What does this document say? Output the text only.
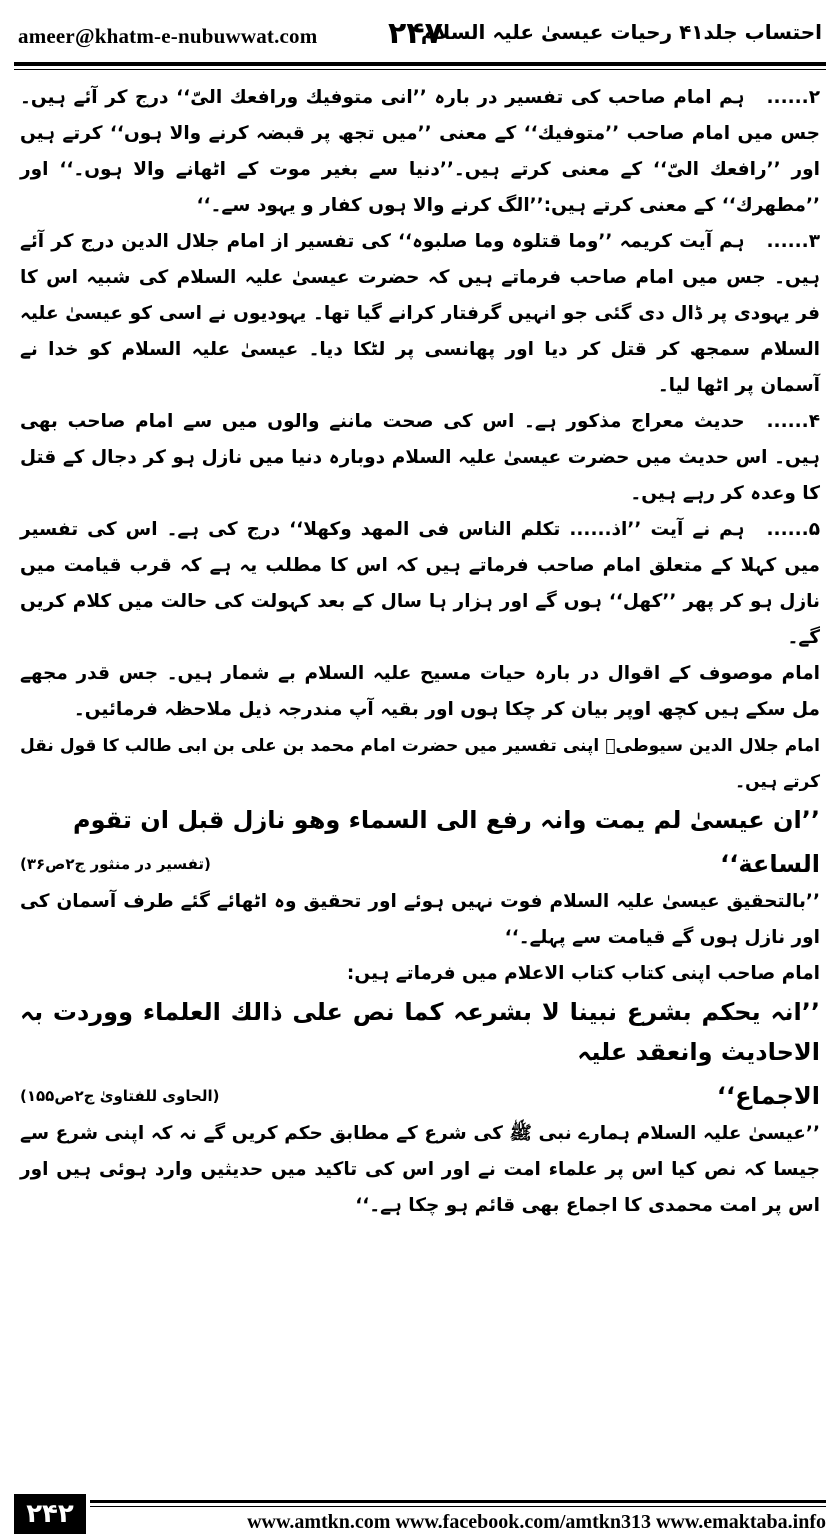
ameer@khatm-e-nubuwwat.com ۲۴۷
احتساب جلد۴۱ رحیات عیسیٰ علیہ السلام

۲......ہم امام صاحب کی تفسیر در بارہ ’’انی متوفیك ورافعك الیّ‘‘ درج کر آئے ہیں۔ جس میں امام صاحب ’’متوفیك‘‘ کے معنی ’’میں تجھ پر قبضہ کرنے والا ہوں‘‘ کرتے ہیں اور ’’رافعك الیّ‘‘ کے معنی کرتے ہیں۔’’دنیا سے بغیر موت کے اٹھانے والا ہوں۔‘‘ اور ’’مطھرك‘‘ کے معنی کرتے ہیں:’’الگ کرنے والا ہوں کفار و یہود سے۔‘‘

۳......ہم آیت کریمہ ’’وما قتلوہ وما صلبوہ‘‘ کی تفسیر از امام جلال الدین درج کر آئے ہیں۔ جس میں امام صاحب فرماتے ہیں کہ حضرت عیسیٰ علیہ السلام کی شبیہ اس کا فر یہودی پر ڈال دی گئی جو انہیں گرفتار کرانے گیا تھا۔ یہودیوں نے اسی کو عیسیٰ علیہ السلام سمجھ کر قتل کر دیا اور پھانسی پر لٹکا دیا۔ عیسیٰ علیہ السلام کو خدا نے آسمان پر اٹھا لیا۔

۴......حدیث معراج مذکور ہے۔ اس کی صحت ماننے والوں میں سے امام صاحب بھی ہیں۔ اس حدیث میں حضرت عیسیٰ علیہ السلام دوبارہ دنیا میں نازل ہو کر دجال کے قتل کا وعدہ کر رہے ہیں۔

۵......ہم نے آیت ’’اذ...... تکلم الناس فی المھد وکھلا‘‘ درج کی ہے۔ اس کی تفسیر میں کہلا کے متعلق امام صاحب فرماتے ہیں کہ اس کا مطلب یہ ہے کہ قرب قیامت میں نازل ہو کر پھر ’’کھل‘‘ ہوں گے اور ہزار ہا سال کے بعد کہولت کی حالت میں کلام کریں گے۔

امام موصوف کے اقوال در بارہ حیات مسیح علیہ السلام بے شمار ہیں۔ جس قدر مجھے مل سکے ہیں کچھ اوپر بیان کر چکا ہوں اور بقیہ آپ مندرجہ ذیل ملاحظہ فرمائیں۔

امام جلال الدین سیوطیؒ اپنی تفسیر میں حضرت امام محمد بن علی بن ابی طالب کا قول نقل کرتے ہیں۔

’’ان عیسیٰ لم یمت وانہ رفع الی السماء وھو نازل قبل ان تقوم

الساعة‘‘
(تفسیر در منثور ج۲ص۳۶)

’’بالتحقیق عیسیٰ علیہ السلام فوت نہیں ہوئے اور تحقیق وہ اٹھائے گئے طرف آسمان کی اور نازل ہوں گے قیامت سے پہلے۔‘‘

امام صاحب اپنی کتاب کتاب الاعلام میں فرماتے ہیں:

’’انہ یحکم بشرع نبینا لا بشرعہ کما نص علی ذالك العلماء ووردت بہ الاحادیث وانعقد علیہ

الاجماع‘‘
(الحاوی للفتاویٰ ج۲ص۱۵۵)

’’عیسیٰ علیہ السلام ہمارے نبی ﷺ کی شرع کے مطابق حکم کریں گے نہ کہ اپنی شرع سے جیسا کہ نص کیا اس پر علماء امت نے اور اس کی تاکید میں حدیثیں وارد ہوئی ہیں اور اس پر امت محمدی کا اجماع بھی قائم ہو چکا ہے۔‘‘

۲۴۲	www.amtkn.com www.facebook.com/amtkn313 www.emaktaba.info
